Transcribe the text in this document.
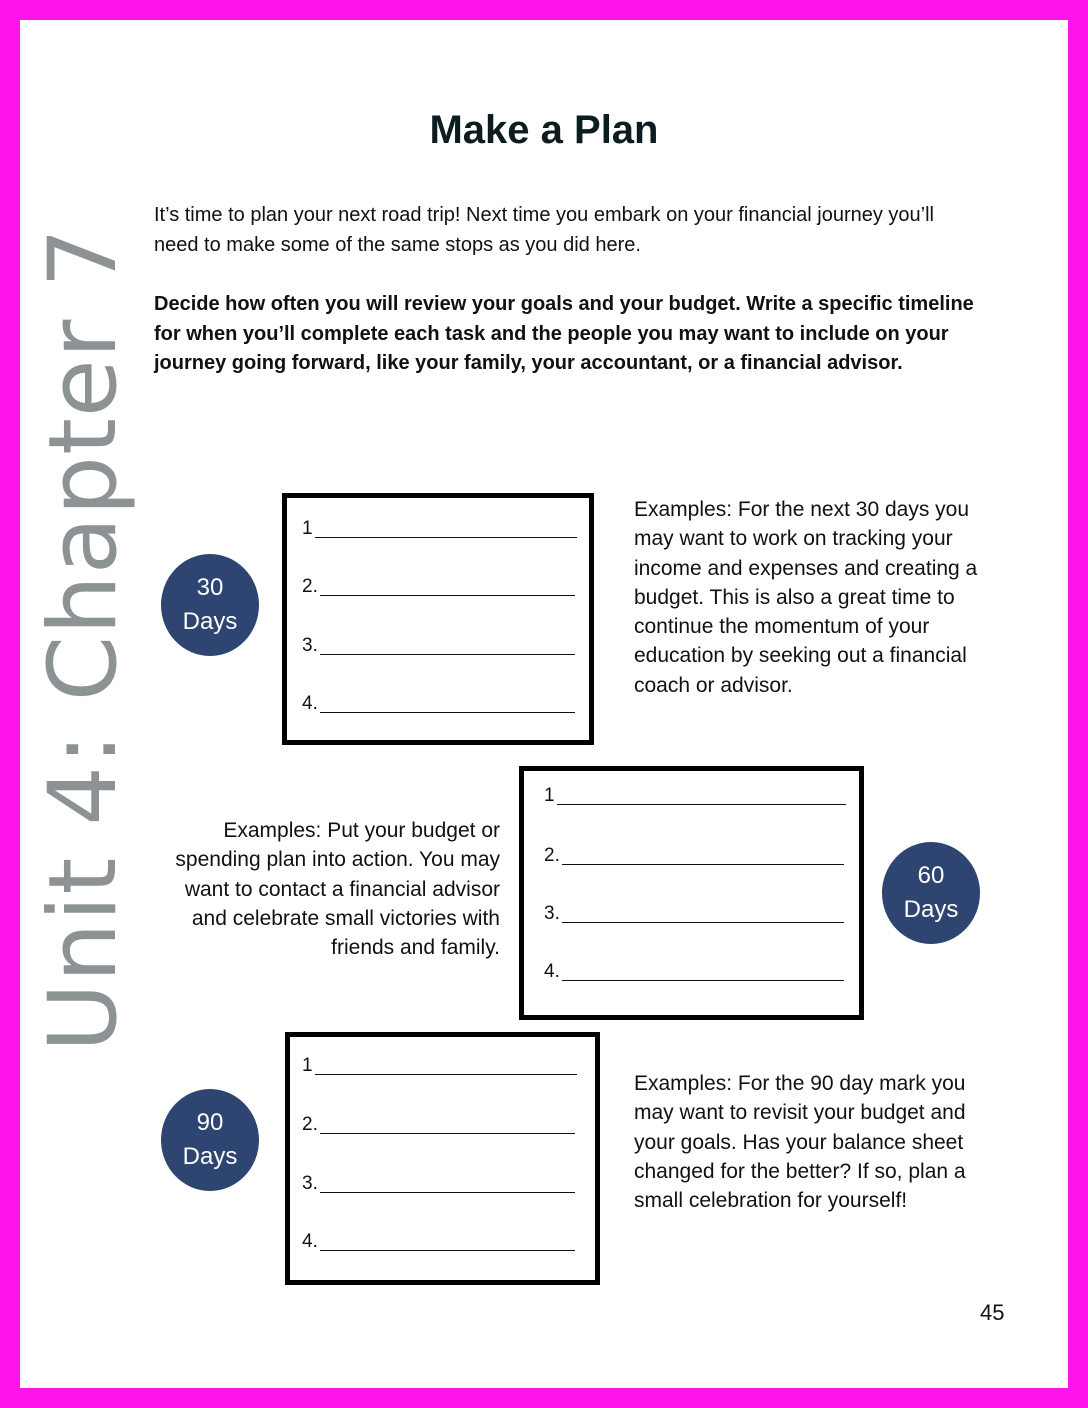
Unit 4: Chapter 7
Make a Plan

It’s time to plan your next road trip! Next time you embark on your financial journey you’ll need to make some of the same stops as you did here.

Decide how often you will review your goals and your budget. Write a specific timeline for when you’ll complete each task and the people you may want to include on your journey going forward, like your family, your accountant, or a financial advisor.

30
Days
1
2.
3.
4.

Examples: For the next 30 days you may want to work on tracking your income and expenses and creating a budget. This is also a great time to continue the momentum of your education by seeking out a financial coach or advisor.

Examples: Put your budget or spending plan into action. You may want to contact a financial advisor and celebrate small victories with friends and family.

1
2.
3.
4.
60
Days
90
Days
1
2.
3.
4.

Examples: For the 90 day mark you may want to revisit your budget and your goals. Has your balance sheet changed for the better? If so, plan a small celebration for yourself!

45
